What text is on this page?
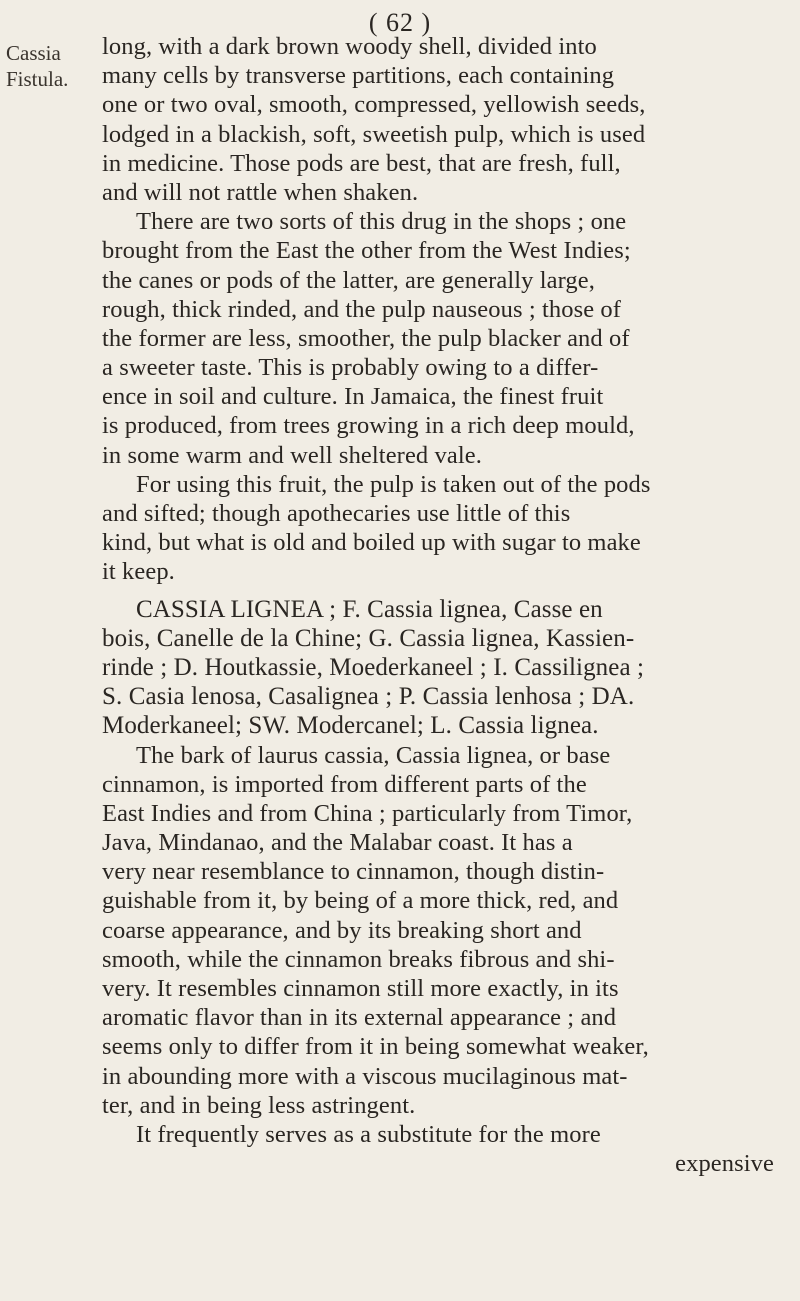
( 62 )
Cassia
Fistula.
long, with a dark brown woody shell, divided into
many cells by transverse partitions, each containing
one or two oval, smooth, compressed, yellowish seeds,
lodged in a blackish, soft, sweetish pulp, which is used
in medicine. Those pods are best, that are fresh, full,
and will not rattle when shaken.
There are two sorts of this drug in the shops ; one
brought from the East the other from the West Indies;
the canes or pods of the latter, are generally large,
rough, thick rinded, and the pulp nauseous ; those of
the former are less, smoother, the pulp blacker and of
a sweeter taste. This is probably owing to a differ-
ence in soil and culture. In Jamaica, the finest fruit
is produced, from trees growing in a rich deep mould,
in some warm and well sheltered vale.
For using this fruit, the pulp is taken out of the pods
and sifted; though apothecaries use little of this
kind, but what is old and boiled up with sugar to make
it keep.
CASSIA LIGNEA ; F. Cassia lignea, Casse en
bois, Canelle de la Chine; G. Cassia lignea, Kassien-
rinde ; D. Houtkassie, Moederkaneel ; I. Cassilignea ;
S. Casia lenosa, Casalignea ; P. Cassia lenhosa ; DA.
Moderkaneel; SW. Modercanel; L. Cassia lignea.
The bark of laurus cassia, Cassia lignea, or base
cinnamon, is imported from different parts of the
East Indies and from China ; particularly from Timor,
Java, Mindanao, and the Malabar coast. It has a
very near resemblance to cinnamon, though distin-
guishable from it, by being of a more thick, red, and
coarse appearance, and by its breaking short and
smooth, while the cinnamon breaks fibrous and shi-
very. It resembles cinnamon still more exactly, in its
aromatic flavor than in its external appearance ; and
seems only to differ from it in being somewhat weaker,
in abounding more with a viscous mucilaginous mat-
ter, and in being less astringent.
It frequently serves as a substitute for the more
expensive
